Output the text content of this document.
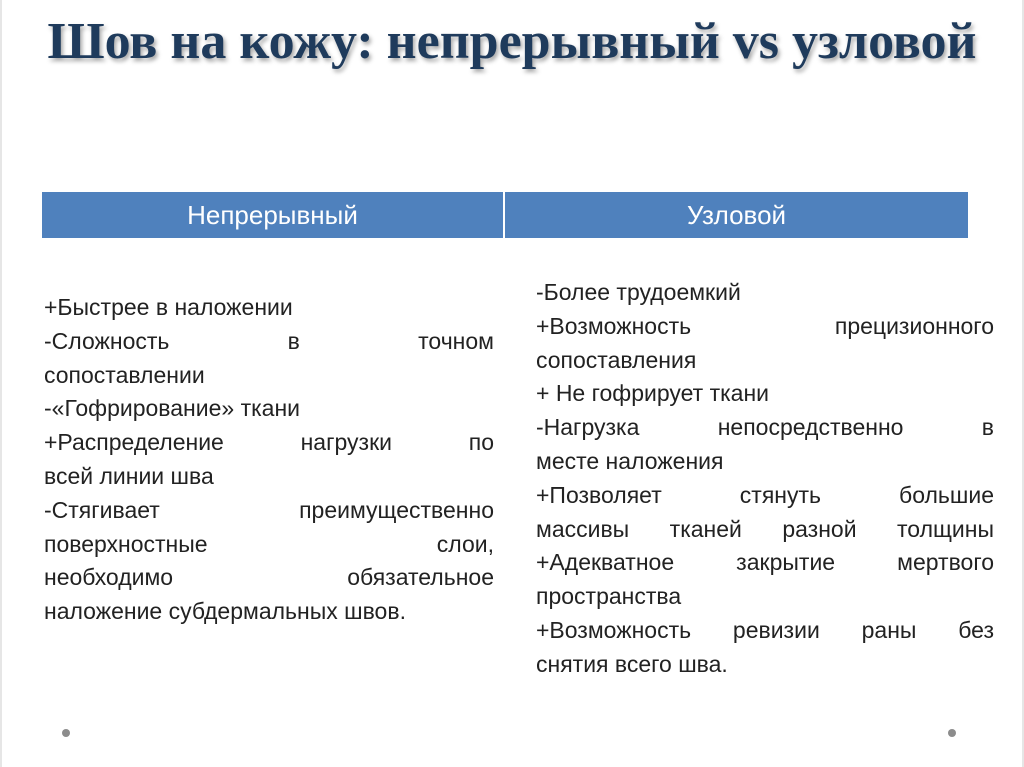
Шов на кожу: непрерывный vs узловой
Непрерывный	Узловой
+Быстрее в наложении
-Сложность в точном
сопоставлении
-«Гофрирование» ткани
+Распределение нагрузки по
всей линии шва
-Стягивает преимущественно
поверхностные слои,
необходимо обязательное
наложение субдермальных швов.
-Более трудоемкий
+Возможность прецизионного
сопоставления
+ Не гофрирует ткани
-Нагрузка непосредственно в
месте наложения
+Позволяет стянуть большие
массивы тканей разной толщины
+Адекватное закрытие мертвого
пространства
+Возможность ревизии раны без
снятия всего шва.
